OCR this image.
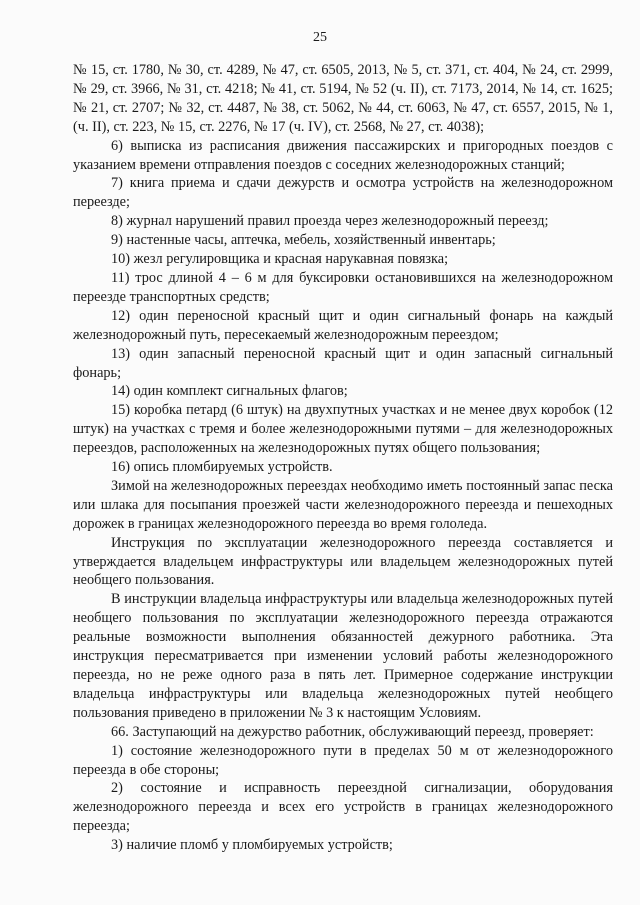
25

№ 15, ст. 1780, № 30, ст. 4289, № 47, ст. 6505, 2013, № 5, ст. 371, ст. 404, № 24, ст. 2999, № 29, ст. 3966, № 31, ст. 4218; № 41, ст. 5194, № 52 (ч. II), ст. 7173, 2014, № 14, ст. 1625; № 21, ст. 2707; № 32, ст. 4487, № 38, ст. 5062, № 44, ст. 6063, № 47, ст. 6557, 2015, № 1, (ч. II), ст. 223, № 15, ст. 2276, № 17 (ч. IV), ст. 2568, № 27, ст. 4038);

6) выписка из расписания движения пассажирских и пригородных поездов с указанием времени отправления поездов с соседних железнодорожных станций;

7) книга приема и сдачи дежурств и осмотра устройств на железнодорожном переезде;

8) журнал нарушений правил проезда через железнодорожный переезд;

9) настенные часы, аптечка, мебель, хозяйственный инвентарь;

10) жезл регулировщика и красная нарукавная повязка;

11) трос длиной 4 – 6 м для буксировки остановившихся на железнодорожном переезде транспортных средств;

12) один переносной красный щит и один сигнальный фонарь на каждый железнодорожный путь, пересекаемый железнодорожным переездом;

13) один запасный переносной красный щит и один запасный сигнальный фонарь;

14) один комплект сигнальных флагов;

15) коробка петард (6 штук) на двухпутных участках и не менее двух коробок (12 штук) на участках с тремя и более железнодорожными путями – для железнодорожных переездов, расположенных на железнодорожных путях общего пользования;

16) опись пломбируемых устройств.

Зимой на железнодорожных переездах необходимо иметь постоянный запас песка или шлака для посыпания проезжей части железнодорожного переезда и пешеходных дорожек в границах железнодорожного переезда во время гололеда.

Инструкция по эксплуатации железнодорожного переезда составляется и утверждается владельцем инфраструктуры или владельцем железнодорожных путей необщего пользования.

В инструкции владельца инфраструктуры или владельца железнодорожных путей необщего пользования по эксплуатации железнодорожного переезда отражаются реальные возможности выполнения обязанностей дежурного работника. Эта инструкция пересматривается при изменении условий работы железнодорожного переезда, но не реже одного раза в пять лет. Примерное содержание инструкции владельца инфраструктуры или владельца железнодорожных путей необщего пользования приведено в приложении № 3 к настоящим Условиям.

66. Заступающий на дежурство работник, обслуживающий переезд, проверяет:

1) состояние железнодорожного пути в пределах 50 м от железнодорожного переезда в обе стороны;

2) состояние и исправность переездной сигнализации, оборудования железнодорожного переезда и всех его устройств в границах железнодорожного переезда;

3) наличие пломб у пломбируемых устройств;
